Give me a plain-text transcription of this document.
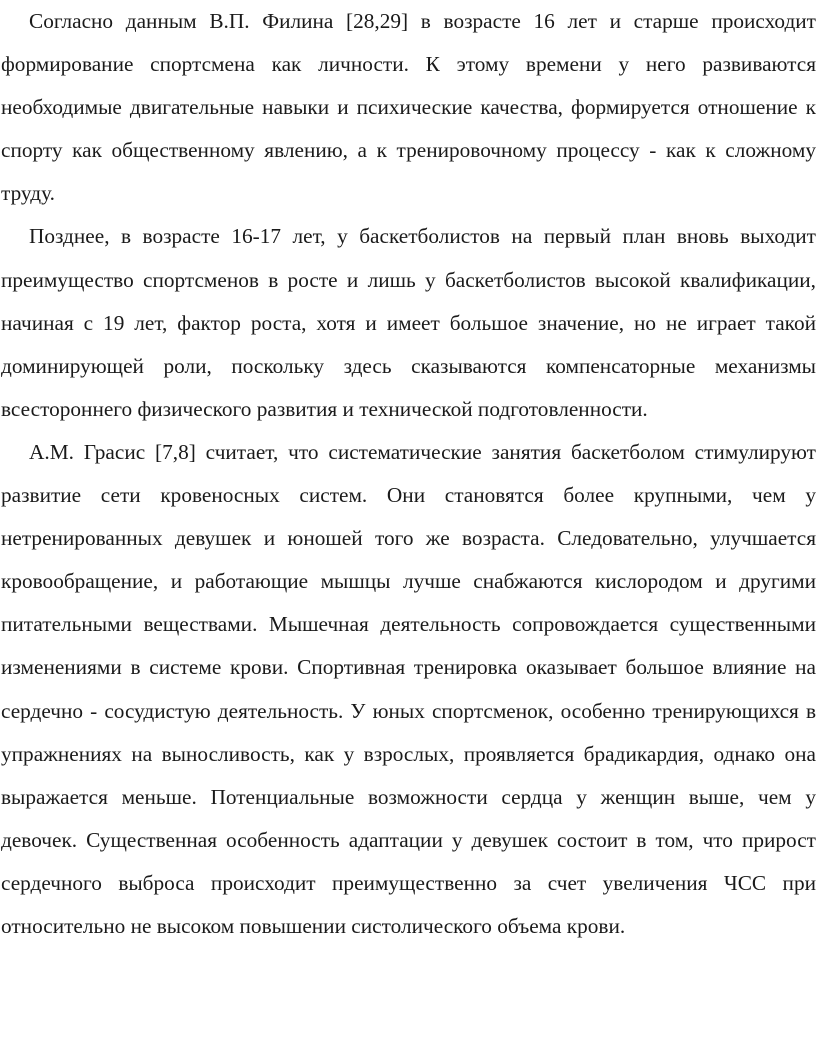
Согласно данным В.П. Филина [28,29] в возрасте 16 лет и старше происходит формирование спортсмена как личности. К этому времени у него развиваются необходимые двигательные навыки и психические качества, формируется отношение к спорту как общественному явлению, а к тренировочному процессу - как к сложному труду.

Позднее, в возрасте 16-17 лет, у баскетболистов на первый план вновь выходит преимущество спортсменов в росте и лишь у баскетболистов высокой квалификации, начиная с 19 лет, фактор роста, хотя и имеет большое значение, но не играет такой доминирующей роли, поскольку здесь сказываются компенсаторные механизмы всестороннего физического развития и технической подготовленности.

А.М. Грасис [7,8] считает, что систематические занятия баскетболом стимулируют развитие сети кровеносных систем. Они становятся более крупными, чем у нетренированных девушек и юношей того же возраста. Следовательно, улучшается кровообращение, и работающие мышцы лучше снабжаются кислородом и другими питательными веществами. Мышечная деятельность сопровождается существенными изменениями в системе крови. Спортивная тренировка оказывает большое влияние на сердечно - сосудистую деятельность. У юных спортсменок, особенно тренирующихся в упражнениях на выносливость, как у взрослых, проявляется брадикардия, однако она выражается меньше. Потенциальные возможности сердца у женщин выше, чем у девочек. Существенная особенность адаптации у девушек состоит в том, что прирост сердечного выброса происходит преимущественно за счет увеличения ЧСС при относительно не высоком повышении систолического объема крови.
